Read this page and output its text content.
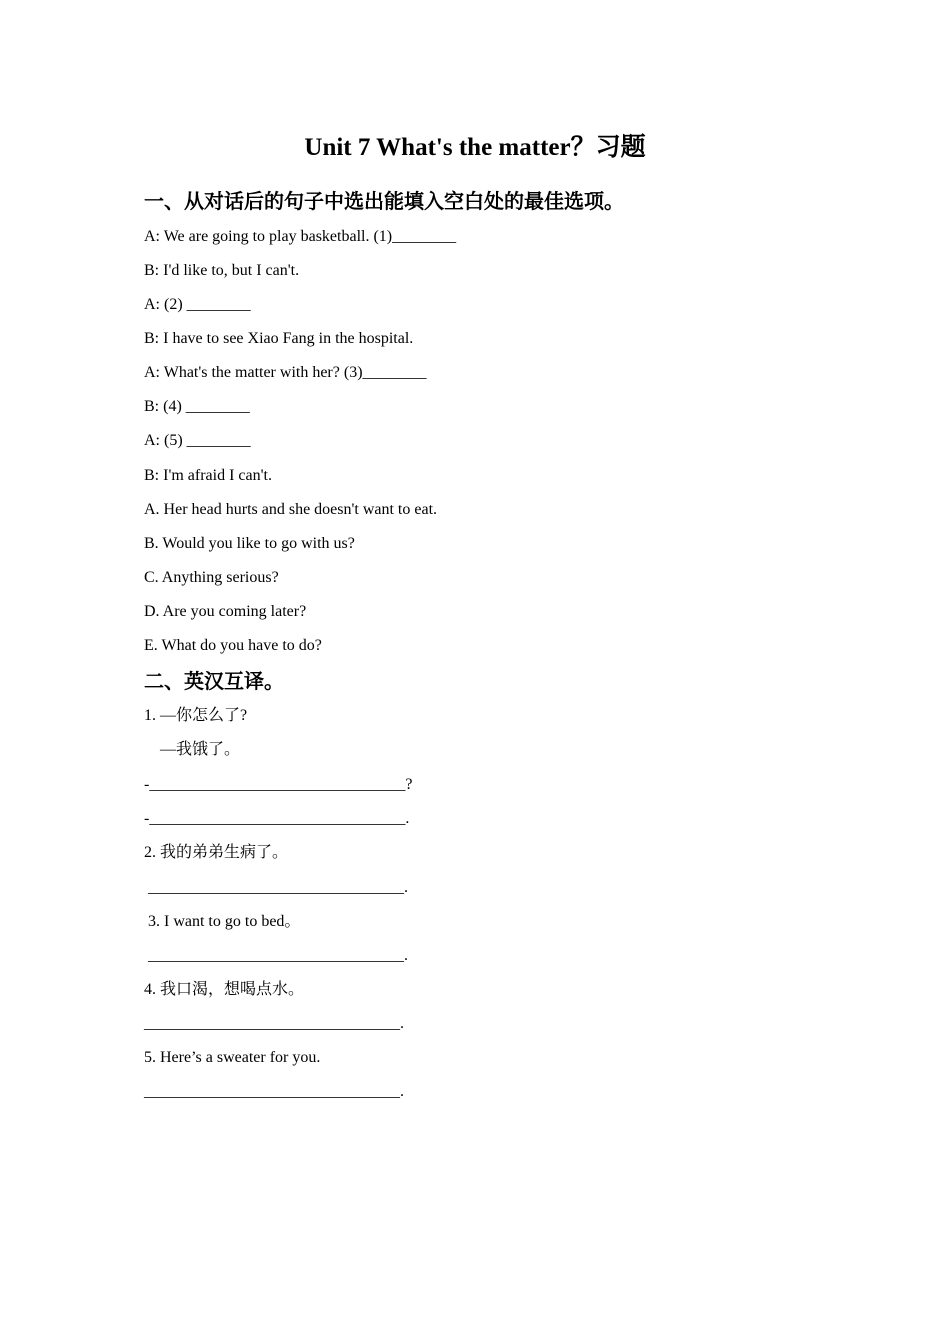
Unit 7 What's the matter？习题
一、从对话后的句子中选出能填入空白处的最佳选项。
A: We are going to play basketball. (1)________
B: I'd like to, but I can't.
A: (2) ________
B: I have to see Xiao Fang in the hospital.
A: What's the matter with her? (3)________
B: (4) ________
A: (5) ________
B: I'm afraid I can't.
A. Her head hurts and she doesn't want to eat.
B. Would you like to go with us?
C. Anything serious?
D. Are you coming later?
E. What do you have to do?
二、英汉互译。
1. —你怎么了?
—我饿了。
-________________________________?
-________________________________.
2. 我的弟弟生病了。
________________________________.
3. I want to go to bed。
________________________________.
4. 我口渴，想喝点水。
________________________________.
5. Here’s a sweater for you.
________________________________.
